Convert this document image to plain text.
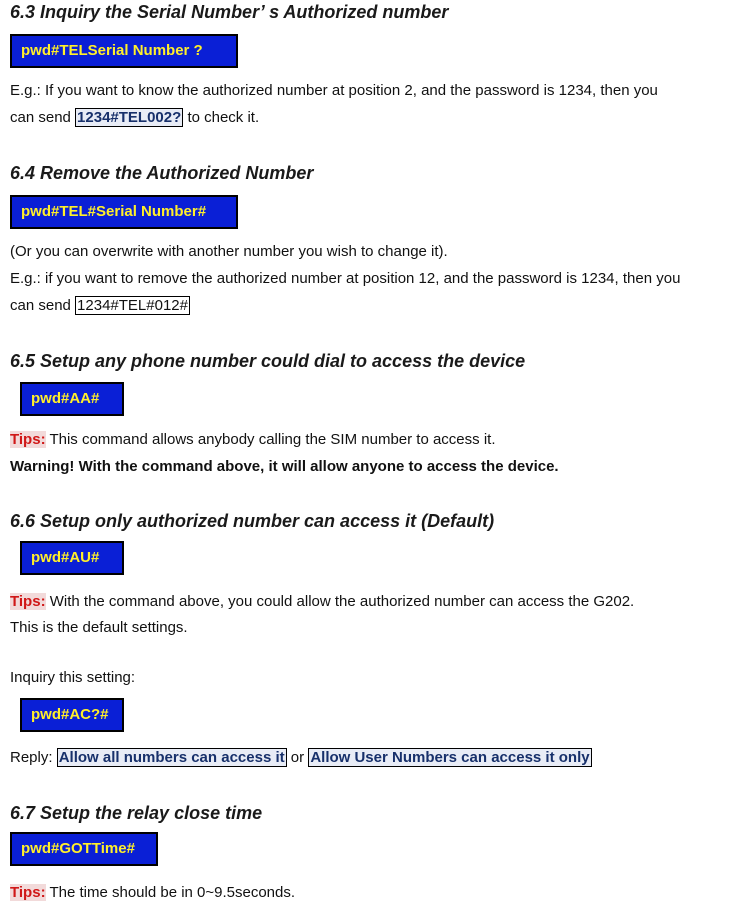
6.3 Inquiry the Serial Number’ s Authorized number
pwd#TELSerial Number ?

E.g.: If you want to know the authorized number at position 2, and the password is 1234, then you

can send 1234#TEL002? to check it.

6.4 Remove the Authorized Number
pwd#TEL#Serial Number#

(Or you can overwrite with another number you wish to change it).

E.g.: if you want to remove the authorized number at position 12, and the password is 1234, then you

can send 1234#TEL#012#

6.5 Setup any phone number could dial to access the device
pwd#AA#

Tips: This command allows anybody calling the SIM number to access it.

Warning! With the command above, it will allow anyone to access the device.

6.6 Setup only authorized number can access it (Default)
pwd#AU#

Tips: With the command above, you could allow the authorized number can access the G202.

This is the default settings.

Inquiry this setting:

pwd#AC?#

Reply: Allow all numbers can access it or Allow User Numbers can access it only

6.7 Setup the relay close time
pwd#GOTTime#

Tips: The time should be in 0~9.5seconds.
